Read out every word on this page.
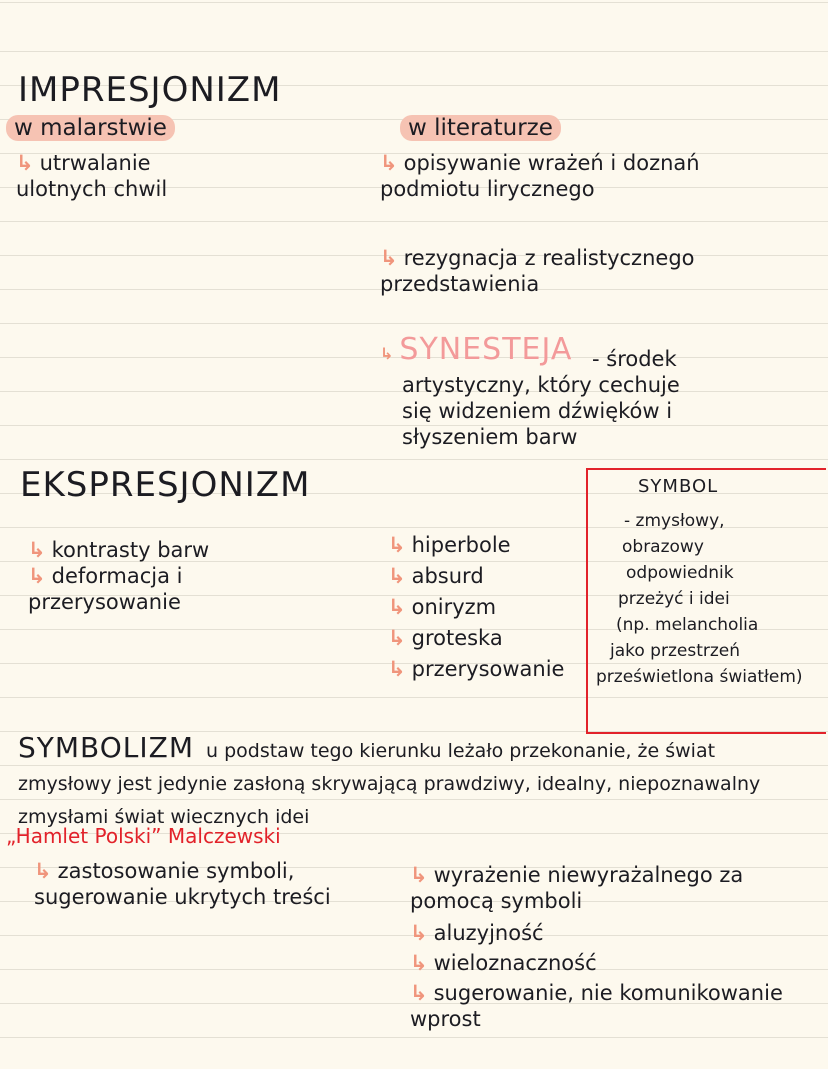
IMPRESJONIZM
w malarstwie
↳ utrwalanie ulotnych chwil
w literaturze
↳ opisywanie wrażeń i doznań podmiotu lirycznego
↳ rezygnacja z realistycznego przedstawienia
↳ SYNESTEJA - środek artystyczny, który cechuje się widzeniem dźwięków i słyszeniem barw
EKSPRESJONIZM
↳ kontrasty barw
↳ deformacja i przerysowanie
↳ hiperbole
↳ absurd
↳ oniryzm
↳ groteska
↳ przerysowanie
SYMBOL
- zmysłowy,
obrazowy
odpowiednik
przeżyć i idei
(np. melancholia
jako przestrzeń
prześwietlona światłem)
SYMBOLIZM u podstaw tego kierunku leżało przekonanie, że świat zmysłowy jest jedynie zasłoną skrywającą prawdziwy, idealny, niepoznawalny zmysłami świat wiecznych idei
„Hamlet Polski” Malczewski
↳ zastosowanie symboli, sugerowanie ukrytych treści
↳ wyrażenie niewyrażalnego za pomocą symboli
↳ aluzyjność
↳ wieloznaczność
↳ sugerowanie, nie komunikowanie wprost
